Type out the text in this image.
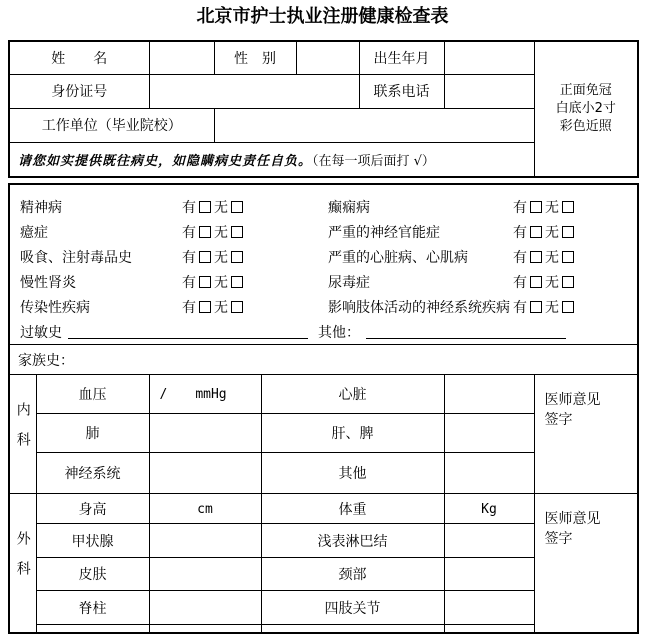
北京市护士执业注册健康检查表
姓　　名		性　别		出生年月		正面免冠
白底小2寸
彩色近照

身份证号				联系电话		
工作单位（毕业院校）						
请您如实提供既往病史，如隐瞒病史责任自负。（在每一项后面打 √）						
精神病	有 无	癫痫病	有 无
癔症	有 无	严重的神经官能症	有 无
吸食、注射毒品史	有 无	严重的心脏病、心肌病	有 无
慢性肾炎	有 无	尿毒症	有 无
传染性疾病	有 无	影响肢体活动的神经系统疾病 有 无
过敏史	其他：

家族史：					
内科	血压	/ mmHg	心脏		医师意见
签字

	肺		肝、脾		
	神经系统		其他		
外科	身高	cm	体重	Kg	医师意见
签字

	甲状腺		浅表淋巴结		
	皮肤		颈部		
	脊柱		四肢关节		
